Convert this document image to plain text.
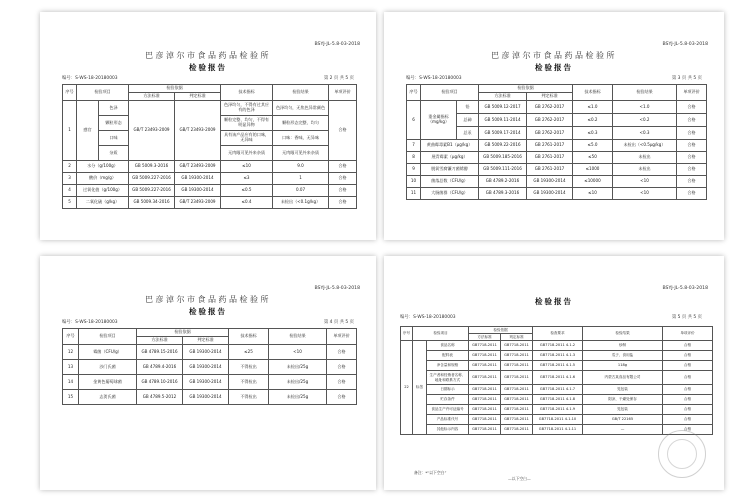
BSYJ-JL-5.8-03-2018
巴彦淖尔市食品药品检验所
检验报告
编号：S-WS-18-20180003	第 2 页 共 5 页
序号	检验项目		检验依据		技术指标	检验结果	单项评价
			方法标准	判定标准			
1	感官	色泽	GB/T 23493-2009	GB/T 23493-2009	色泽均匀，不得有过其应有的色泽	色泽均匀，无焦色异常颜色	合格
		颗粒形态			颗粒完整、均匀，不得有明显异物	颗粒形态完整、均匀	
		口味			具有该产品应有的口味，无异味	口味：香味，无异味	
		杂质			无肉眼可见外来杂质	无肉眼可见外来杂质	
2	水分（g/100g）		GB 5009.3-2016	GB/T 23493-2009	≤10	9.0	合格
3	酸价（mg/g）		GB 5009.227-2016	GB 19300-2014	≤3	1	合格
4	过氧化值（g/100g）		GB 5009.227-2016	GB 19300-2014	≤0.5	0.07	合格
5	二氧化硫（g/kg）		GB 5009.34-2016	GB/T 23493-2009	≤0.4	未检出（<0.1g/kg）	合格
BSYJ-JL-5.8-03-2018
巴彦淖尔市食品药品检验所
检验报告
编号：S-WS-18-20180003	第 3 页 共 5 页
序号	检验项目		检验依据		技术指标	检验结果	单项评价
			方法标准	判定标准			
6	重金属指标（mg/kg）	铅	GB 5009.12-2017	GB 2762-2017	≤1.0	<1.0	合格
		总砷	GB 5009.11-2014	GB 2762-2017	≤0.2	<0.2	合格
		总汞	GB 5009.17-2014	GB 2762-2017	≤0.3	<0.3	合格
7	黄曲霉毒素B1（μg/kg）		GB 5009.22-2016	GB 2761-2017	≤5.0	未检出（<0.5μg/kg）	合格
8	展青霉素（μg/kg）		GB 5009.185-2016	GB 2761-2017	≤50	未检出	合格
9	脱氧雪腐镰刀菌烯醇		GB 5009.111-2016	GB 2761-2017	≤1000	未检出	合格
10	菌落总数（CFU/g）		GB 4789.2-2016	GB 19300-2014	≤10000	<10	合格
11	大肠菌群（CFU/g）		GB 4789.3-2016	GB 19300-2014	≤10	<10	合格
BSYJ-JL-5.8-03-2018
巴彦淖尔市食品药品检验所
检验报告
编号：S-WS-18-20180003	第 4 页 共 5 页
序号	检验项目	检验依据		技术指标	检验结果	单项评价
		方法标准	判定标准			
12	霉菌（CFU/g）	GB 4789.15-2016	GB 19300-2014	≤25	<10	合格
13	沙门氏菌	GB 4789.4-2016	GB 19300-2014	不得检出	未检出/25g	合格
14	金黄色葡萄球菌	GB 4789.10-2016	GB 19300-2014	不得检出	未检出/25g	合格
15	志贺氏菌	GB 4789.5-2012	GB 19300-2014	不得检出	未检出/25g	合格
BSYJ-JL-5.8-03-2018
检验报告
编号：S-WS-18-20180003	第 5 页 共 5 页
序号	检验项目		检验依据		检查要求	检验结果	单项评价
			方法标准	判定标准			
22	标签	食品名称	GB7718-2011	GB7718-2011	GB7718-2011 4.1.2	炒制	合格
		配料表	GB7718-2011	GB7718-2011	GB7718-2011 4.1.3	瓜子、食用盐	合格
		净含量和规格	GB7718-2011	GB7718-2011	GB7718-2011 4.1.5	118g	合格
		生产者和经销者名称、地址和联系方式	GB7718-2011	GB7718-2011	GB7718-2011 4.1.6	内蒙古某食品有限公司	合格
		日期标示	GB7718-2011	GB7718-2011	GB7718-2011 4.1.7	见包装	合格
		贮存条件	GB7718-2011	GB7718-2011	GB7718-2011 4.1.8	阴凉、干燥处保存	合格
		食品生产许可证编号	GB7718-2011	GB7718-2011	GB7718-2011 4.1.9	见包装	合格
		产品标准代号	GB7718-2011	GB7718-2011	GB7718-2011 4.1.10	GB/T 22165	合格
		其他标示内容	GB7718-2011	GB7718-2011	GB7718-2011 4.1.11	—	合格
备注：*“以下空白”
—以下空白—
